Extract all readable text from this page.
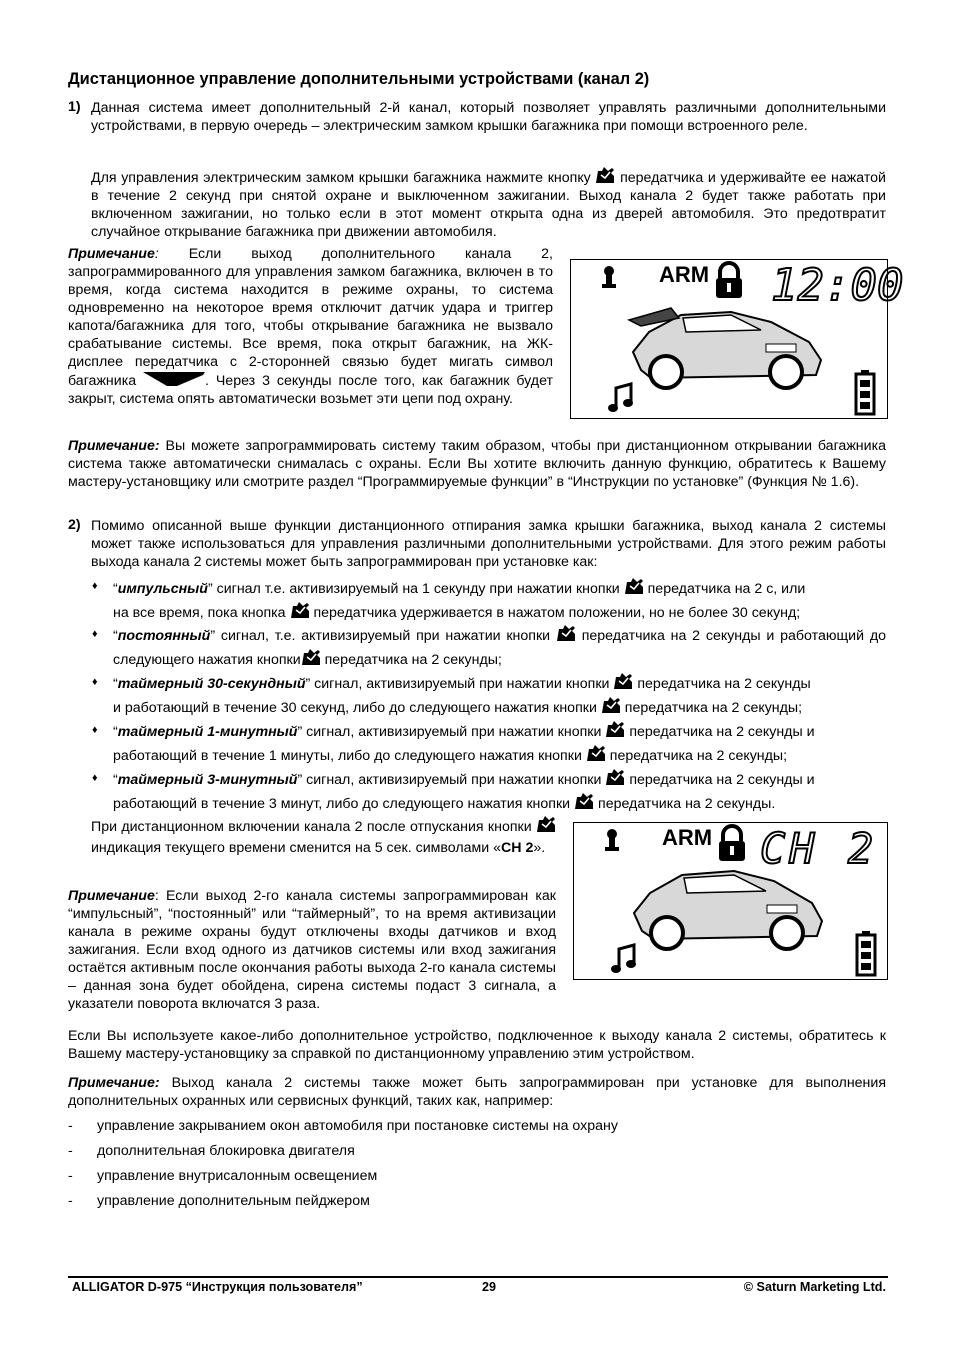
Дистанционное управление дополнительными устройствами (канал 2)
1) Данная система имеет дополнительный 2-й канал, который позволяет управлять различными дополнительными устройствами, в первую очередь – электрическим замком крышки багажника при помощи встроенного реле.
Для управления электрическим замком крышки багажника нажмите кнопку передатчика и удерживайте ее нажатой в течение 2 секунд при снятой охране и выключенном зажигании. Выход канала 2 будет также работать при включенном зажигании, но только если в этот момент открыта одна из дверей автомобиля. Это предотвратит случайное открывание багажника при движении автомобиля.
Примечание: Если выход дополнительного канала 2, запрограммированного для управления замком багажника, включен в то время, когда система находится в режиме охраны, то система одновременно на некоторое время отключит датчик удара и триггер капота/багажника для того, чтобы открывание багажника не вызвало срабатывание системы. Все время, пока открыт багажник, на ЖК-дисплее передатчика с 2-сторонней связью будет мигать символ багажника	. Через 3 секунды после того, как багажник будет закрыт, система опять автоматически возьмет эти цепи под охрану.
ARM 12:00
Примечание: Вы можете запрограммировать систему таким образом, чтобы при дистанционном открывании багажника система также автоматически снималась с охраны. Если Вы хотите включить данную функцию, обратитесь к Вашему мастеру-установщику или смотрите раздел “Программируемые функции” в “Инструкции по установке” (Функция № 1.6).
2) Помимо описанной выше функции дистанционного отпирания замка крышки багажника, выход канала 2 системы может также использоваться для управления различными дополнительными устройствами. Для этого режим работы выхода канала 2 системы может быть запрограммирован при установке как:
♦ “импульсный” сигнал т.е. активизируемый на 1 секунду при нажатии кнопки передатчика на 2 с, или
на все время, пока кнопка передатчика удерживается в нажатом положении, но не более 30 секунд;
♦ “постоянный” сигнал, т.е. активизируемый при нажатии кнопки передатчика на 2 секунды и работающий до следующего нажатия кнопки передатчика на 2 секунды;
♦ “таймерный 30-секундный” сигнал, активизируемый при нажатии кнопки передатчика на 2 секунды
и работающий в течение 30 секунд, либо до следующего нажатия кнопки передатчика на 2 секунды;
♦ “таймерный 1-минутный” сигнал, активизируемый при нажатии кнопки передатчика на 2 секунды и
работающий в течение 1 минуты, либо до следующего нажатия кнопки передатчика на 2 секунды;
♦ “таймерный 3-минутный” сигнал, активизируемый при нажатии кнопки передатчика на 2 секунды и
работающий в течение 3 минут, либо до следующего нажатия кнопки передатчика на 2 секунды.
При дистанционном включении канала 2 после отпускания кнопки  индикация текущего времени сменится на 5 сек. символами «CH 2».	ARM CH 2
Примечание: Если выход 2-го канала системы запрограммирован как “импульсный”, “постоянный” или “таймерный”, то на время активизации канала в режиме охраны будут отключены входы датчиков и вход зажигания. Если вход одного из датчиков системы или вход зажигания остаётся активным после окончания работы выхода 2-го канала системы – данная зона будет обойдена, сирена системы подаст 3 сигнала, а указатели поворота включатся 3 раза.
Если Вы используете какое-либо дополнительное устройство, подключенное к выходу канала 2 системы, обратитесь к Вашему мастеру-установщику за справкой по дистанционному управлению этим устройством.
Примечание: Выход канала 2 системы также может быть запрограммирован при установке для выполнения дополнительных охранных или сервисных функций, таких как, например:
- управление закрыванием окон автомобиля при постановке системы на охрану
- дополнительная блокировка двигателя
- управление внутрисалонным освещением
- управление дополнительным пейджером
ALLIGATOR D-975 “Инструкция пользователя”	29	© Saturn Marketing Ltd.
